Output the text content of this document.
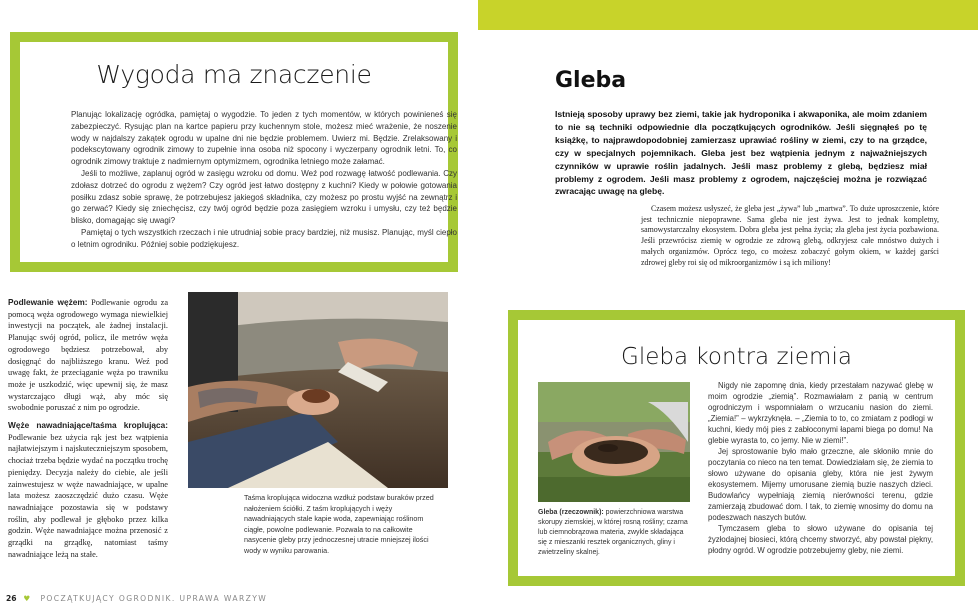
Wygoda ma znaczenie

Planując lokalizację ogródka, pamiętaj o wygodzie. To jeden z tych momentów, w których powinieneś się zabezpieczyć. Rysując plan na kartce papieru przy kuchennym stole, możesz mieć wrażenie, że noszenie wody w najdalszy zakątek ogrodu w upalne dni nie będzie problemem. Uwierz mi. Będzie. Zrelaksowany i podekscytowany ogrodnik zimowy to zupełnie inna osoba niż spocony i wyczerpany ogrodnik letni. To, co ogrodnik zimowy traktuje z nadmiernym optymizmem, ogrodnika letniego może załamać.

Jeśli to możliwe, zaplanuj ogród w zasięgu wzroku od domu. Weź pod rozwagę łatwość podlewania. Czy zdołasz dotrzeć do ogrodu z wężem? Czy ogród jest łatwo dostępny z kuchni? Kiedy w połowie gotowania posiłku zdasz sobie sprawę, że potrzebujesz jakiegoś składnika, czy możesz po prostu wyjść na zewnątrz i go zerwać? Kiedy się zniechęcisz, czy twój ogród będzie poza zasięgiem wzroku i umysłu, czy też będzie blisko, domagając się uwagi?

Pamiętaj o tych wszystkich rzeczach i nie utrudniaj sobie pracy bardziej, niż musisz. Planując, myśl ciepło o letnim ogrodniku. Później sobie podziękujesz.

Podlewanie wężem: Podlewanie ogrodu za pomocą węża ogrodowego wymaga niewielkiej inwestycji na początek, ale żadnej instalacji. Planując swój ogród, policz, ile metrów węża ogrodowego będziesz potrzebował, aby dosięgnąć do najbliższego kranu. Weź pod uwagę fakt, że przeciąganie węża po trawniku może je uszkodzić, więc upewnij się, że masz wystarczająco długi wąż, aby móc się swobodnie poruszać z nim po ogrodzie.

Węże nawadniające/taśma kroplująca: Podlewanie bez użycia rąk jest bez wątpienia najłatwiejszym i najskuteczniejszym sposobem, chociaż trzeba będzie wydać na początku trochę pieniędzy. Decyzja należy do ciebie, ale jeśli zainwestujesz w węże nawadniające, w upalne lata możesz zaoszczędzić dużo czasu. Węże nawadniające pozostawia się w podstawy roślin, aby podlewał je głęboko przez kilka godzin. Węże nawadniające można przenosić z grządki na grządkę, natomiast taśmy nawadniające leżą na stałe.

Taśma kroplująca widoczna wzdłuż podstaw buraków przed nałożeniem ściółki. Z taśm kroplujących i węży nawadniających stale kapie woda, zapewniając roślinom ciągłe, powolne podlewanie. Pozwala to na całkowite nasycenie gleby przy jednoczesnej utracie mniejszej ilości wody w wyniku parowania.

26 ♥ POCZĄTKUJĄCY OGRODNIK. UPRAWA WARZYW
Gleba

Istnieją sposoby uprawy bez ziemi, takie jak hydroponika i akwaponika, ale moim zdaniem to nie są techniki odpowiednie dla początkujących ogrodników. Jeśli sięgnąłeś po tę książkę, to najprawdopodobniej zamierzasz uprawiać rośliny w ziemi, czy to na grządce, czy w specjalnych pojemnikach. Gleba jest bez wątpienia jednym z najważniejszych czynników w uprawie roślin jadalnych. Jeśli masz problemy z glebą, będziesz miał problemy z ogrodem. Jeśli masz problemy z ogrodem, najczęściej można je rozwiązać zwracając uwagę na glebę.

Czasem możesz usłyszeć, że gleba jest „żywa” lub „martwa”. To duże uproszczenie, które jest technicznie niepoprawne. Sama gleba nie jest żywa. Jest to jednak kompletny, samowystarczalny ekosystem. Dobra gleba jest pełna życia; zła gleba jest życia pozbawiona. Jeśli przewrócisz ziemię w ogrodzie ze zdrową glebą, odkryjesz całe mnóstwo dużych i małych organizmów. Oprócz tego, co możesz zobaczyć gołym okiem, w każdej garści zdrowej gleby roi się od mikroorganizmów i są ich miliony!

Gleba kontra ziemia

Gleba (rzeczownik): powierzchniowa warstwa skorupy ziemskiej, w której rosną rośliny; czarna lub ciemnobrązowa materia, zwykle składająca się z mieszanki resztek organicznych, gliny i zwietrzeliny skalnej.

Nigdy nie zapomnę dnia, kiedy przestałam nazywać glebę w moim ogrodzie „ziemią”. Rozmawiałam z panią w centrum ogrodniczym i wspomniałam o wrzucaniu nasion do ziemi. „Ziemia!” – wykrzyknęła. – „Ziemia to to, co zmiatam z podłogi w kuchni, kiedy mój pies z zabłoconymi łapami biega po domu! Na glebie wyrasta to, co jemy. Nie w ziemi!”.

Jej sprostowanie było mało grzeczne, ale skłoniło mnie do poczytania co nieco na ten temat. Dowiedziałam się, że ziemia to słowo używane do opisania gleby, która nie jest żywym ekosystemem. Mijemy umorusane ziemią buzie naszych dzieci. Budowlańcy wypełniają ziemią nierówności terenu, gdzie zamierzają zbudować dom. I tak, to ziemię wnosimy do domu na podeszwach naszych butów.

Tymczasem gleba to słowo używane do opisania tej żyzłodajnej biosieci, którą chcemy stworzyć, aby powstał piękny, płodny ogród. W ogrodzie potrzebujemy gleby, nie ziemi.
